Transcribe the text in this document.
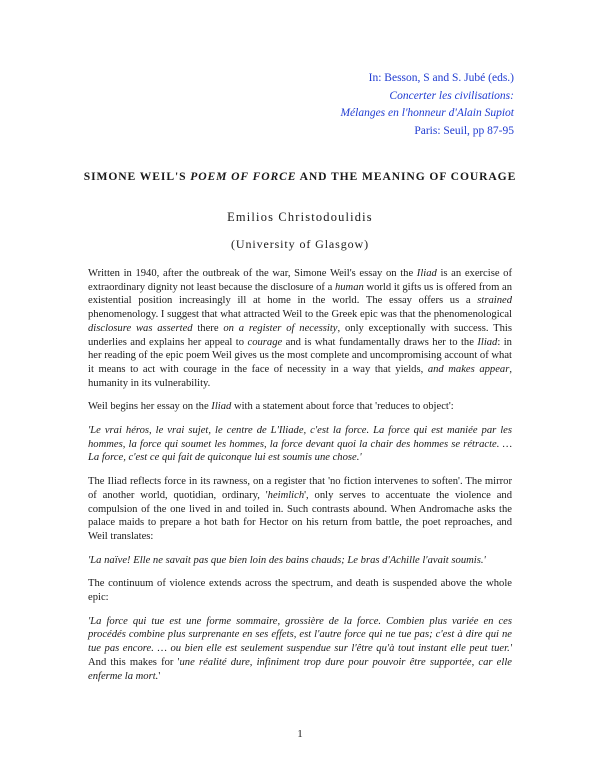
In: Besson, S and S. Jubé (eds.)
Concerter les civilisations:
Mélanges en l'honneur d'Alain Supiot
Paris: Seuil, pp 87-95
SIMONE WEIL'S POEM OF FORCE AND THE MEANING OF COURAGE
Emilios Christodoulidis
(University of Glasgow)

Written in 1940, after the outbreak of the war, Simone Weil's essay on the Iliad is an exercise of extraordinary dignity not least because the disclosure of a human world it gifts us is offered from an existential position increasingly ill at home in the world. The essay offers us a strained phenomenology. I suggest that what attracted Weil to the Greek epic was that the phenomenological disclosure was asserted there on a register of necessity, only exceptionally with success. This underlies and explains her appeal to courage and is what fundamentally draws her to the Iliad: in her reading of the epic poem Weil gives us the most complete and uncompromising account of what it means to act with courage in the face of necessity in a way that yields, and makes appear, humanity in its vulnerability.

Weil begins her essay on the Iliad with a statement about force that 'reduces to object':

'Le vrai héros, le vrai sujet, le centre de L'Iliade, c'est la force. La force qui est maniée par les hommes, la force qui soumet les hommes, la force devant quoi la chair des hommes se rétracte. … La force, c'est ce qui fait de quiconque lui est soumis une chose.'

The Iliad reflects force in its rawness, on a register that 'no fiction intervenes to soften'. The mirror of another world, quotidian, ordinary, 'heimlich', only serves to accentuate the violence and compulsion of the one lived in and toiled in. Such contrasts abound. When Andromache asks the palace maids to prepare a hot bath for Hector on his return from battle, the poet reproaches, and Weil translates:

'La naïve! Elle ne savait pas que bien loin des bains chauds; Le bras d'Achille l'avait soumis.'

The continuum of violence extends across the spectrum, and death is suspended above the whole epic:

'La force qui tue est une forme sommaire, grossière de la force. Combien plus variée en ces procédés combine plus surprenante en ses effets, est l'autre force qui ne tue pas; c'est à dire qui ne tue pas encore. … ou bien elle est seulement suspendue sur l'être qu'à tout instant elle peut tuer.' And this makes for 'une réalité dure, infiniment trop dure pour pouvoir être supportée, car elle enferme la mort.'

1
